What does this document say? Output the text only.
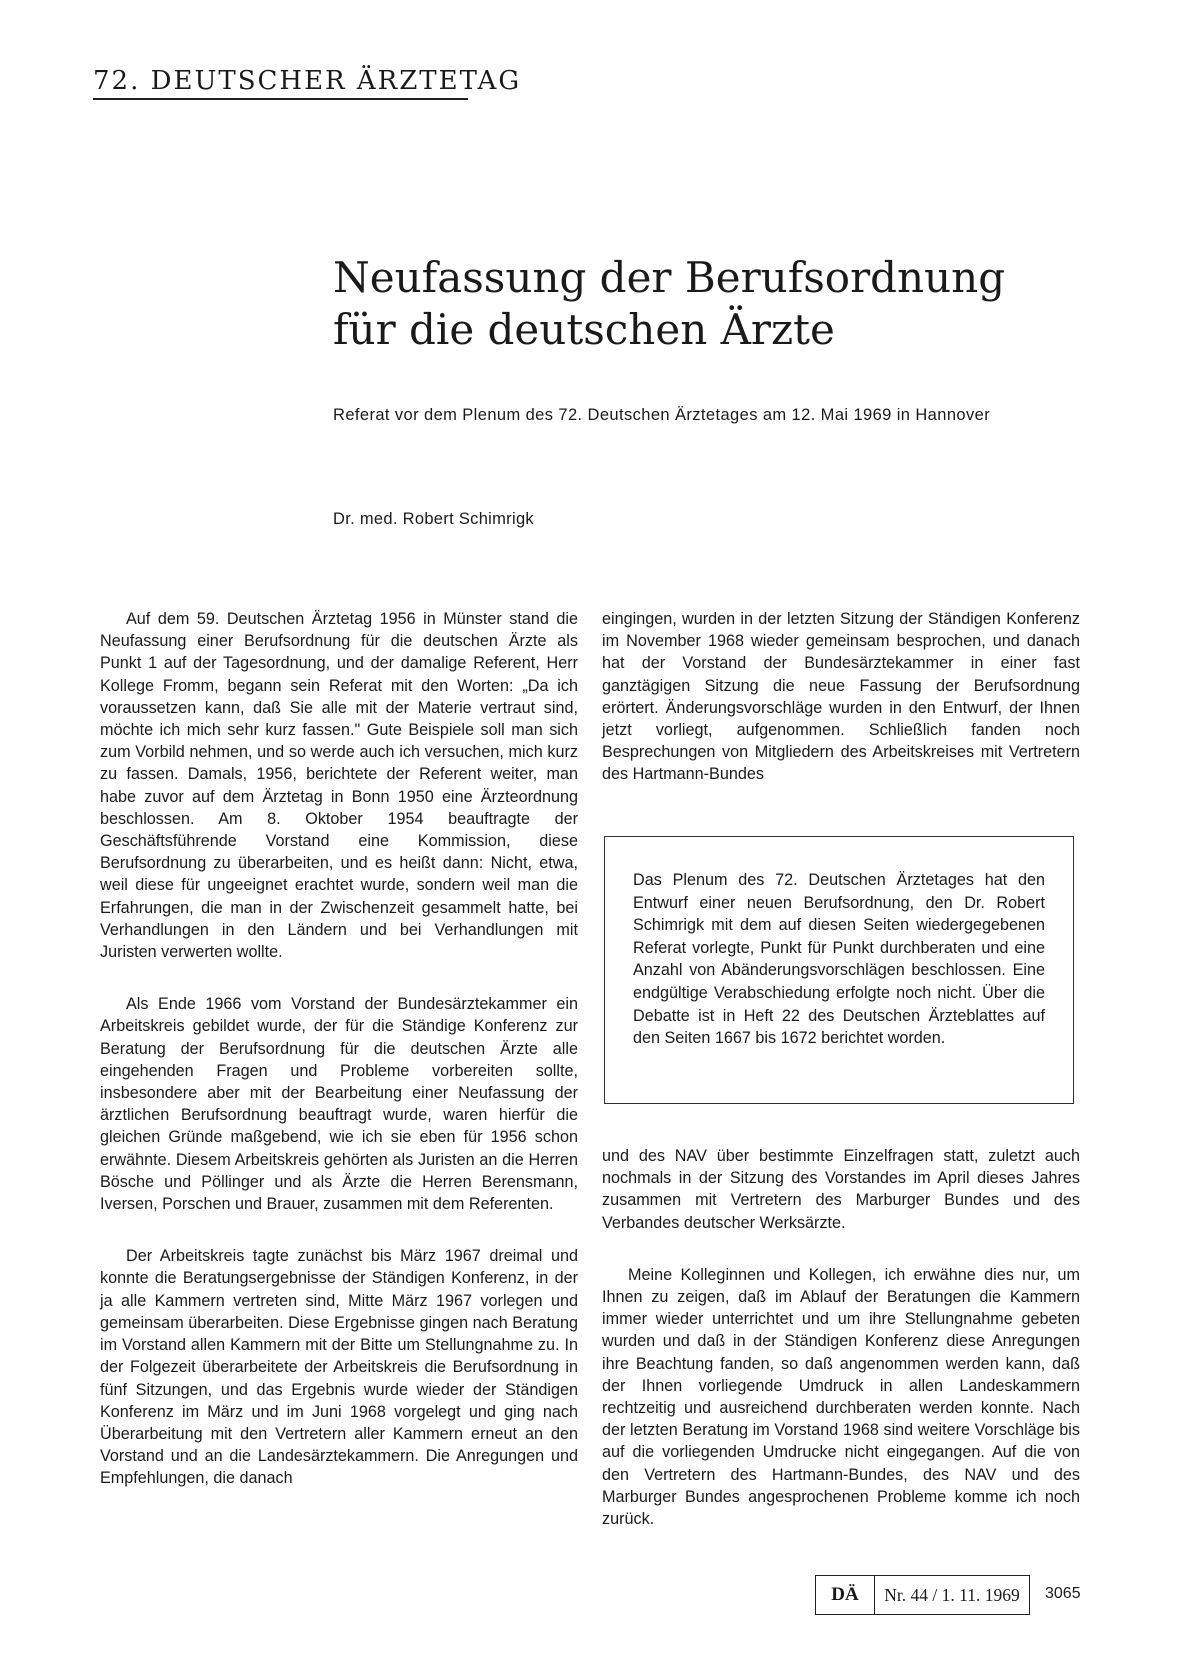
72. DEUTSCHER ÄRZTETAG
Neufassung der Berufsordnung
für die deutschen Ärzte
Referat vor dem Plenum des 72. Deutschen Ärztetages am 12. Mai 1969 in Hannover
Dr. med. Robert Schimrigk

Auf dem 59. Deutschen Ärztetag 1956 in Münster stand die Neufassung einer Berufsordnung für die deutschen Ärzte als Punkt 1 auf der Tagesordnung, und der damalige Referent, Herr Kollege Fromm, begann sein Referat mit den Worten: „Da ich voraussetzen kann, daß Sie alle mit der Materie vertraut sind, möchte ich mich sehr kurz fassen." Gute Beispiele soll man sich zum Vorbild nehmen, und so werde auch ich versuchen, mich kurz zu fassen. Damals, 1956, berichtete der Referent weiter, man habe zuvor auf dem Ärztetag in Bonn 1950 eine Ärzteordnung beschlossen. Am 8. Oktober 1954 beauftragte der Geschäftsführende Vorstand eine Kommission, diese Berufsordnung zu überarbeiten, und es heißt dann: Nicht, etwa, weil diese für ungeeignet erachtet wurde, sondern weil man die Erfahrungen, die man in der Zwischenzeit gesammelt hatte, bei Verhandlungen in den Ländern und bei Verhandlungen mit Juristen verwerten wollte.

Als Ende 1966 vom Vorstand der Bundesärztekammer ein Arbeitskreis gebildet wurde, der für die Ständige Konferenz zur Beratung der Berufsordnung für die deutschen Ärzte alle eingehenden Fragen und Probleme vorbereiten sollte, insbesondere aber mit der Bearbeitung einer Neufassung der ärztlichen Berufsordnung beauftragt wurde, waren hierfür die gleichen Gründe maßgebend, wie ich sie eben für 1956 schon erwähnte. Diesem Arbeitskreis gehörten als Juristen an die Herren Bösche und Pöllinger und als Ärzte die Herren Berensmann, Iversen, Porschen und Brauer, zusammen mit dem Referenten.

Der Arbeitskreis tagte zunächst bis März 1967 dreimal und konnte die Beratungsergebnisse der Ständigen Konferenz, in der ja alle Kammern vertreten sind, Mitte März 1967 vorlegen und gemeinsam überarbeiten. Diese Ergebnisse gingen nach Beratung im Vorstand allen Kammern mit der Bitte um Stellungnahme zu. In der Folgezeit überarbeitete der Arbeitskreis die Berufsordnung in fünf Sitzungen, und das Ergebnis wurde wieder der Ständigen Konferenz im März und im Juni 1968 vorgelegt und ging nach Überarbeitung mit den Vertretern aller Kammern erneut an den Vorstand und an die Landesärztekammern. Die Anregungen und Empfehlungen, die danach

eingingen, wurden in der letzten Sitzung der Ständigen Konferenz im November 1968 wieder gemeinsam besprochen, und danach hat der Vorstand der Bundesärztekammer in einer fast ganztägigen Sitzung die neue Fassung der Berufsordnung erörtert. Änderungsvorschläge wurden in den Entwurf, der Ihnen jetzt vorliegt, aufgenommen. Schließlich fanden noch Besprechungen von Mitgliedern des Arbeitskreises mit Vertretern des Hartmann-Bundes

Das Plenum des 72. Deutschen Ärztetages hat den Entwurf einer neuen Berufsordnung, den Dr. Robert Schimrigk mit dem auf diesen Seiten wiedergegebenen Referat vorlegte, Punkt für Punkt durchberaten und eine Anzahl von Abänderungsvorschlägen beschlossen. Eine endgültige Verabschiedung erfolgte noch nicht. Über die Debatte ist in Heft 22 des Deutschen Ärzteblattes auf den Seiten 1667 bis 1672 berichtet worden.

und des NAV über bestimmte Einzelfragen statt, zuletzt auch nochmals in der Sitzung des Vorstandes im April dieses Jahres zusammen mit Vertretern des Marburger Bundes und des Verbandes deutscher Werksärzte.

Meine Kolleginnen und Kollegen, ich erwähne dies nur, um Ihnen zu zeigen, daß im Ablauf der Beratungen die Kammern immer wieder unterrichtet und um ihre Stellungnahme gebeten wurden und daß in der Ständigen Konferenz diese Anregungen ihre Beachtung fanden, so daß angenommen werden kann, daß der Ihnen vorliegende Umdruck in allen Landeskammern rechtzeitig und ausreichend durchberaten werden konnte. Nach der letzten Beratung im Vorstand 1968 sind weitere Vorschläge bis auf die vorliegenden Umdrucke nicht eingegangen. Auf die von den Vertretern des Hartmann-Bundes, des NAV und des Marburger Bundes angesprochenen Probleme komme ich noch zurück.

DÄ	Nr. 44 / 1. 11. 1969	3065
